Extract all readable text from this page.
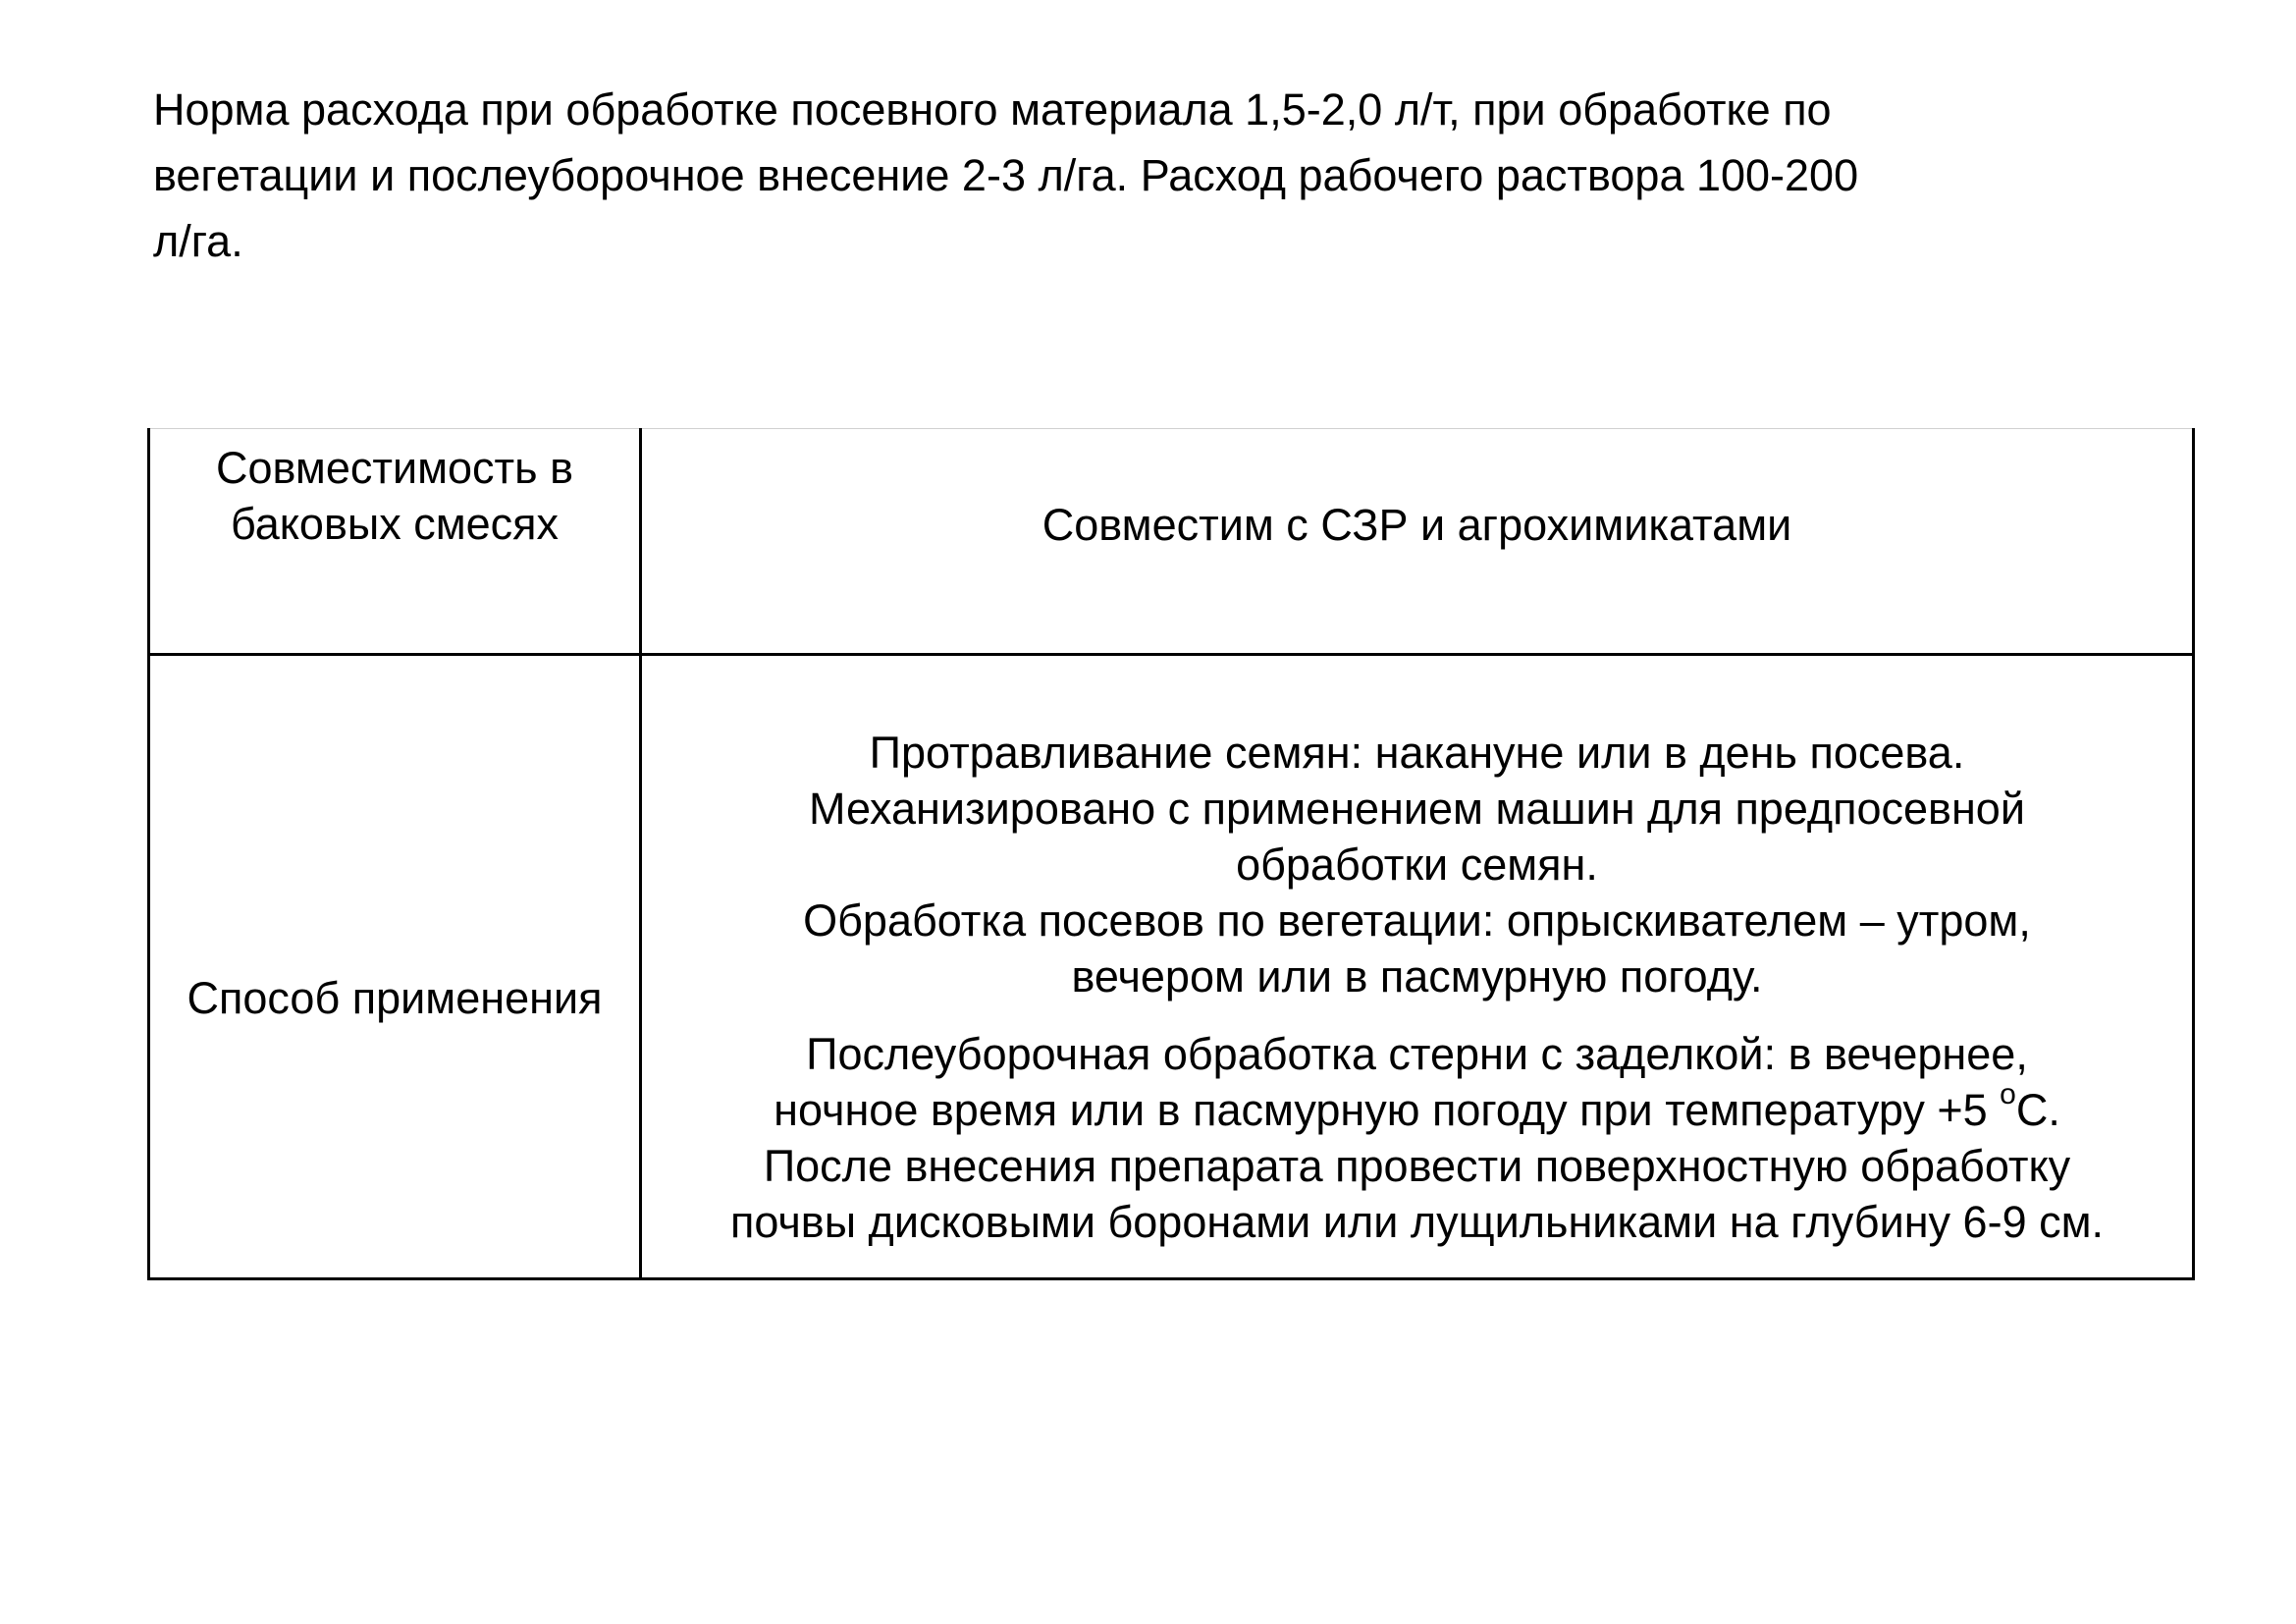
Норма расхода при обработке посевного материала 1,5-2,0 л/т, при обработке по
вегетации и послеуборочное внесение 2-3 л/га. Расход рабочего раствора 100-200
л/га.
Совместимость в
баковых смесях	Совместим с СЗР и агрохимикатами
Способ применения
Протравливание семян: накануне или в день посева.
Механизировано с применением машин для предпосевной
обработки семян.
Обработка посевов по вегетации: опрыскивателем – утром,
вечером или в пасмурную погоду.
Послеуборочная обработка стерни с заделкой: в вечернее,
ночное время или в пасмурную погоду при температуру +5 $^o$С.
После внесения препарата провести поверхностную обработку
почвы дисковыми боронами или лущильниками на глубину 6-9 см.
